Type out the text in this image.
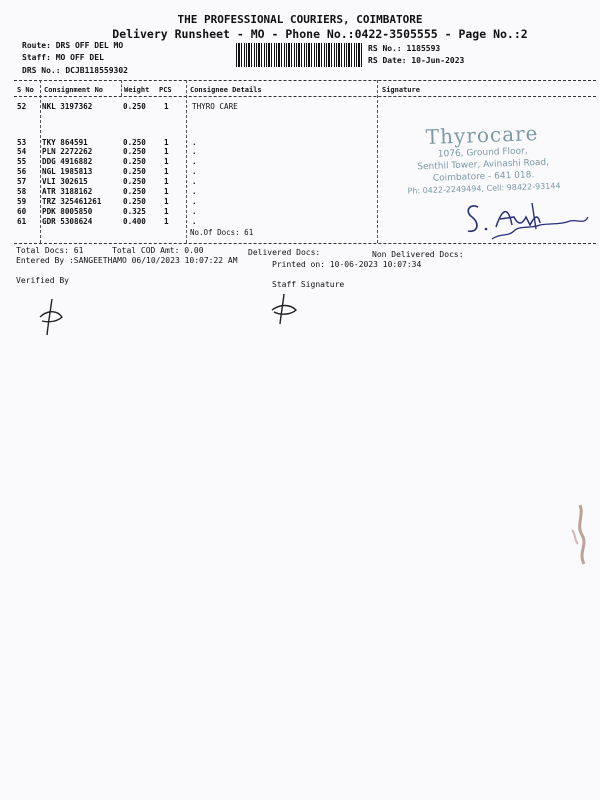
THE PROFESSIONAL COURIERS, COIMBATORE
Delivery Runsheet - MO - Phone No.:0422-3505555 - Page No.:2
Route: DRS OFF DEL MO
Staff: MO OFF DEL
DRS No.: DCJB118559302
RS No.: 1185593
RS Date: 10-Jun-2023
S No Consignment No	Weight PCS	Consignee Details	Signature
52 NKL 3197362	0.250 1	THYRO CARE
53 TKY 864591	0.250 1	.
54 PLN 2272262	0.250 1	.
55 DDG 4916882	0.250 1	.
56 NGL 1985813	0.250 1	.
57 VLI 302615	0.250 1	.
58 ATR 3188162	0.250 1	.
59 TRZ 325461261	0.250 1	.
60 PDK 8005850	0.325 1	.
61 GDR 5308624	0.400 1	.
No.Of Docs: 61
Thyrocare
1076, Ground Floor,
Senthil Tower, Avinashi Road,
Coimbatore - 641 018.
Ph: 0422-2249494, Cell: 98422-93144
Total Docs: 61	Total COD Amt: 0.00	Delivered Docs:	Non Delivered Docs:
Entered By :SANGEETHAMO 06/10/2023 10:07:22 AM	Printed on: 10-06-2023 10:07:34
Verified By	Staff Signature
